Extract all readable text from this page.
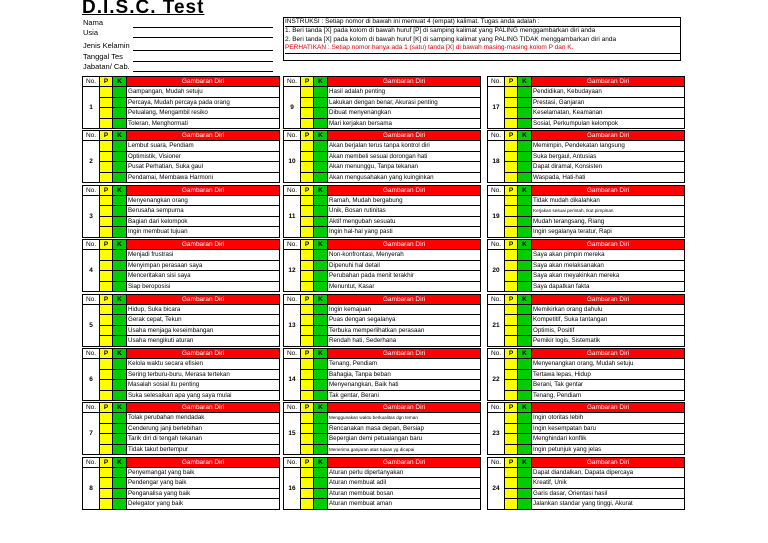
D.I.S.C. Test
Nama
Usia
Jenis Kelamin
Tanggal Tes
Jabatan/ Cab.
INSTRUKSI : Setiap nomor di bawah ini memuat 4 (empat) kalimat. Tugas anda adalah :
1. Beri tanda [X] pada kolom di bawah huruf [P] di samping kalimat yang PALING menggambarkan diri anda
2. Beri tanda [X] pada kolom di bawah huruf [K] di samping kalimat yang PALING TIDAK menggambarkan diri anda
PERHATIKAN : Setiap nomor hanya ada 1 (satu) tanda [X] di bawah masing-masing kolom P dan K.
No.	P	K	Gambaran Diri
1
Gampangan, Mudah setuju
Percaya, Mudah percaya pada orang
Petualang, Mengambil resiko
Toleran, Menghormati
No.	P	K	Gambaran Diri
2
Lembut suara, Pendiam
Optimistik, Visioner
Pusat Perhatian, Suka gaul
Pendamai, Membawa Harmoni
No.	P	K	Gambaran Diri
3
Menyenangkan orang
Berusaha sempurna
Bagian dari kelompok
Ingin membuat tujuan
No.	P	K	Gambaran Diri
4
Menjadi frustrasi
Menyimpan perasaan saya
Menceritakan sisi saya
Siap beroposisi
No.	P	K	Gambaran Diri
5
Hidup, Suka bicara
Gerak cepat, Tekun
Usaha menjaga keseimbangan
Usaha mengikuti aturan
No.	P	K	Gambaran Diri
6
Kelola waktu secara efisien
Sering terburu-buru, Merasa tertekan
Masalah sosial itu penting
Suka selesaikan apa yang saya mulai
No.	P	K	Gambaran Diri
7
Tolak perubahan mendadak
Cenderung janji berlebihan
Tarik diri di tengah tekanan
Tidak takut bertempur
No.	P	K	Gambaran Diri
8
Penyemangat yang baik
Pendengar yang baik
Penganalisa yang baik
Delegator yang baik
No.	P	K	Gambaran Diri
9
Hasil adalah penting
Lakukan dengan benar, Akurasi penting
Dibuat menyenangkan
Mari kerjakan bersama
No.	P	K	Gambaran Diri
10
Akan berjalan terus tanpa kontrol diri
Akan membeli sesuai dorongan hati
Akan menunggu, Tanpa tekanan
Akan mengusahakan yang kuinginkan
No.	P	K	Gambaran Diri
11
Ramah, Mudah bergabung
Unik, Bosan rutinitas
Aktif mengubah sesuatu
Ingin hal-hal yang pasti
No.	P	K	Gambaran Diri
12
Non-konfrontasi, Menyerah
Dipenuhi hal detail
Perubahan pada menit terakhir
Menuntut, Kasar
No.	P	K	Gambaran Diri
13
Ingin kemajuan
Puas dengan segalanya
Terbuka memperlihatkan perasaan
Rendah hati, Sederhana
No.	P	K	Gambaran Diri
14
Tenang, Pendiam
Bahagia, Tanpa beban
Menyenangkan, Baik hati
Tak gentar, Berani
No.	P	K	Gambaran Diri
15
Menggunakan waktu berkualitas dgn teman
Rencanakan masa depan, Bersiap
Bepergian demi petualangan baru
Menerima ganjaran atas tujuan yg dicapai
No.	P	K	Gambaran Diri
16
Aturan perlu dipertanyakan
Aturan membuat adil
Aturan membuat bosan
Aturan membuat aman
No.	P	K	Gambaran Diri
17
Pendidikan, Kebudayaan
Prestasi, Ganjaran
Keselamatan, Keamanan
Sosial, Perkumpulan kelompok
No.	P	K	Gambaran Diri
18
Memimpin, Pendekatan langsung
Suka bergaul, Antusias
Dapat diramal, Konsisten
Waspada, Hati-hati
No.	P	K	Gambaran Diri
19
Tidak mudah dikalahkan
Kerjakan sesuai perintah, Ikut pimpinan
Mudah terangsang, Riang
Ingin segalanya teratur, Rapi
No.	P	K	Gambaran Diri
20
Saya akan pimpin mereka
Saya akan melaksanakan
Saya akan meyakinkan mereka
Saya dapatkan fakta
No.	P	K	Gambaran Diri
21
Memikirkan orang dahulu
Kompetitif, Suka tantangan
Optimis, Positif
Pemikir logis, Sistematik
No.	P	K	Gambaran Diri
22
Menyenangkan orang, Mudah setuju
Tertawa lepas, Hidup
Berani, Tak gentar
Tenang, Pendiam
No.	P	K	Gambaran Diri
23
Ingin otoritas lebih
Ingin kesempatan baru
Menghindari konflik
Ingin petunjuk yang jelas
No.	P	K	Gambaran Diri
24
Dapat diandalkan, Dapata dipercaya
Kreatif, Unik
Garis dasar, Orientasi hasil
Jalankan standar yang tinggi, Akurat
